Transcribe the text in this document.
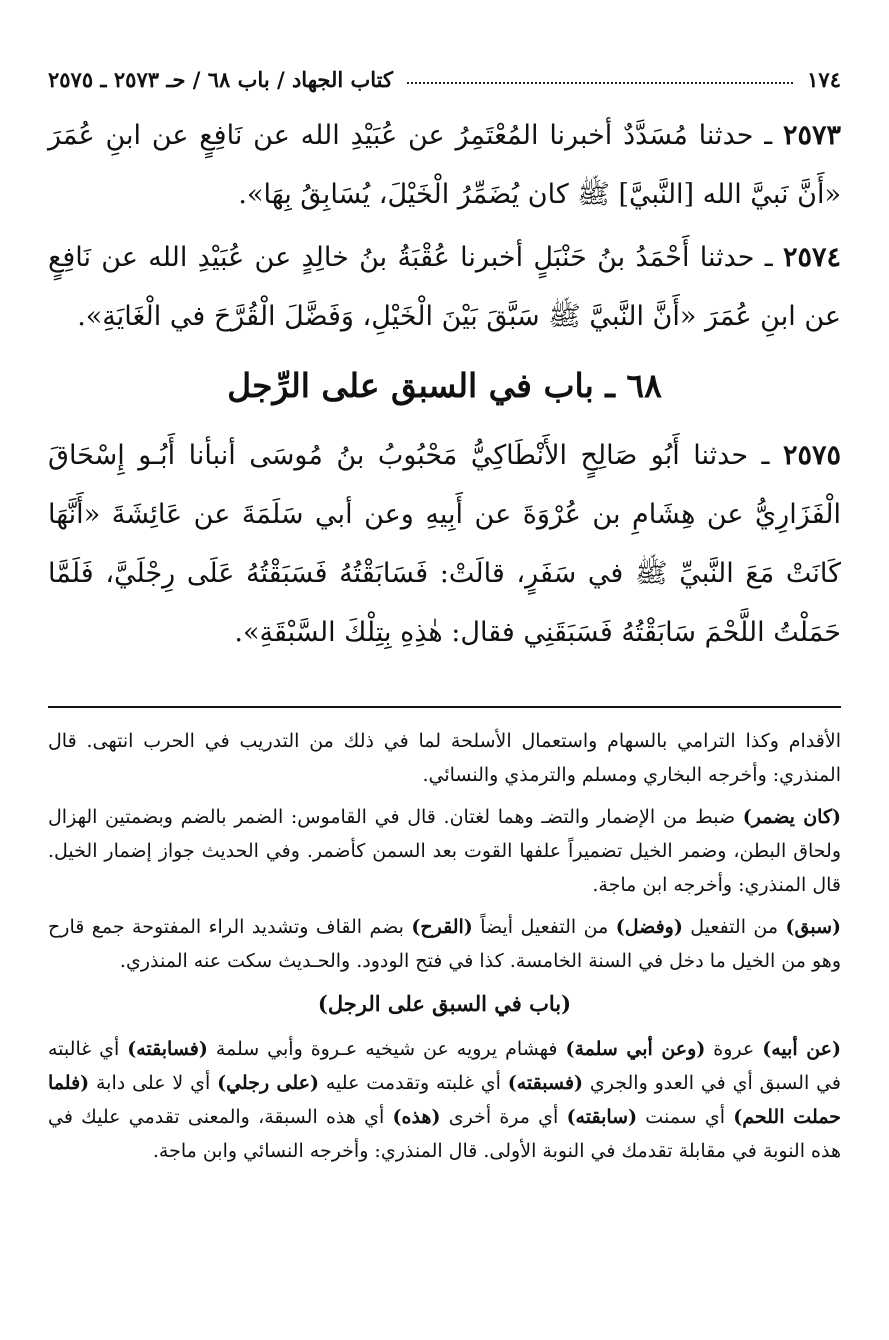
١٧٤
كتاب الجهاد / باب ٦٨ / حـ ٢٥٧٣ ـ ٢٥٧٥

٢٥٧٣ ـ حدثنا مُسَدَّدٌ أخبرنا المُعْتَمِرُ عن عُبَيْدِ الله عن نَافِعٍ عن ابنِ عُمَرَ «أَنَّ نَبيَّ الله [النَّبيَّ] ﷺ كان يُضَمِّرُ الْخَيْلَ، يُسَابِقُ بِهَا».

٢٥٧٤ ـ حدثنا أَحْمَدُ بنُ حَنْبَلٍ أخبرنا عُقْبَةُ بنُ خالِدٍ عن عُبَيْدِ الله عن نَافِعٍ عن ابنِ عُمَرَ «أَنَّ النَّبيَّ ﷺ سَبَّقَ بَيْنَ الْخَيْلِ، وَفَضَّلَ الْقُرَّحَ في الْغَايَةِ».

٦٨ ـ باب في السبق على الرِّجل

٢٥٧٥ ـ حدثنا أَبُو صَالِحٍ الأَنْطَاكِيُّ مَحْبُوبُ بنُ مُوسَى أنبأنا أَبُـو إِسْحَاقَ الْفَزَارِيُّ عن هِشَامِ بن عُرْوَةَ عن أَبِيهِ وعن أبي سَلَمَةَ عن عَائِشَةَ «أَنَّهَا كَانَتْ مَعَ النَّبيِّ ﷺ في سَفَرٍ، قالَتْ: فَسَابَقْتُهُ فَسَبَقْتُهُ عَلَى رِجْلَيَّ، فَلَمَّا حَمَلْتُ اللَّحْمَ سَابَقْتُهُ فَسَبَقَنِي فقال: هٰذِهِ بِتِلْكَ السَّبْقَةِ».

الأقدام وكذا الترامي بالسهام واستعمال الأسلحة لما في ذلك من التدريب في الحرب انتهى. قال المنذري: وأخرجه البخاري ومسلم والترمذي والنسائي.

(كان يضمر) ضبط من الإضمار والتضـ وهما لغتان. قال في القاموس: الضمر بالضم وبضمتين الهزال ولحاق البطن، وضمر الخيل تضميراً علفها القوت بعد السمن كأضمر. وفي الحديث جواز إضمار الخيل. قال المنذري: وأخرجه ابن ماجة.

(سبق) من التفعيل (وفضل) من التفعيل أيضاً (القرح) بضم القاف وتشديد الراء المفتوحة جمع قارح وهو من الخيل ما دخل في السنة الخامسة. كذا في فتح الودود. والحـديث سكت عنه المنذري.

(باب في السبق على الرجل)

(عن أبيه) عروة (وعن أبي سلمة) فهشام يرويه عن شيخيه عـروة وأبي سلمة (فسابقته) أي غالبته في السبق أي في العدو والجري (فسبقته) أي غلبته وتقدمت عليه (على رجلي) أي لا على دابة (فلما حملت اللحم) أي سمنت (سابقته) أي مرة أخرى (هذه) أي هذه السبقة، والمعنى تقدمي عليك في هذه النوبة في مقابلة تقدمك في النوبة الأولى. قال المنذري: وأخرجه النسائي وابن ماجة.
